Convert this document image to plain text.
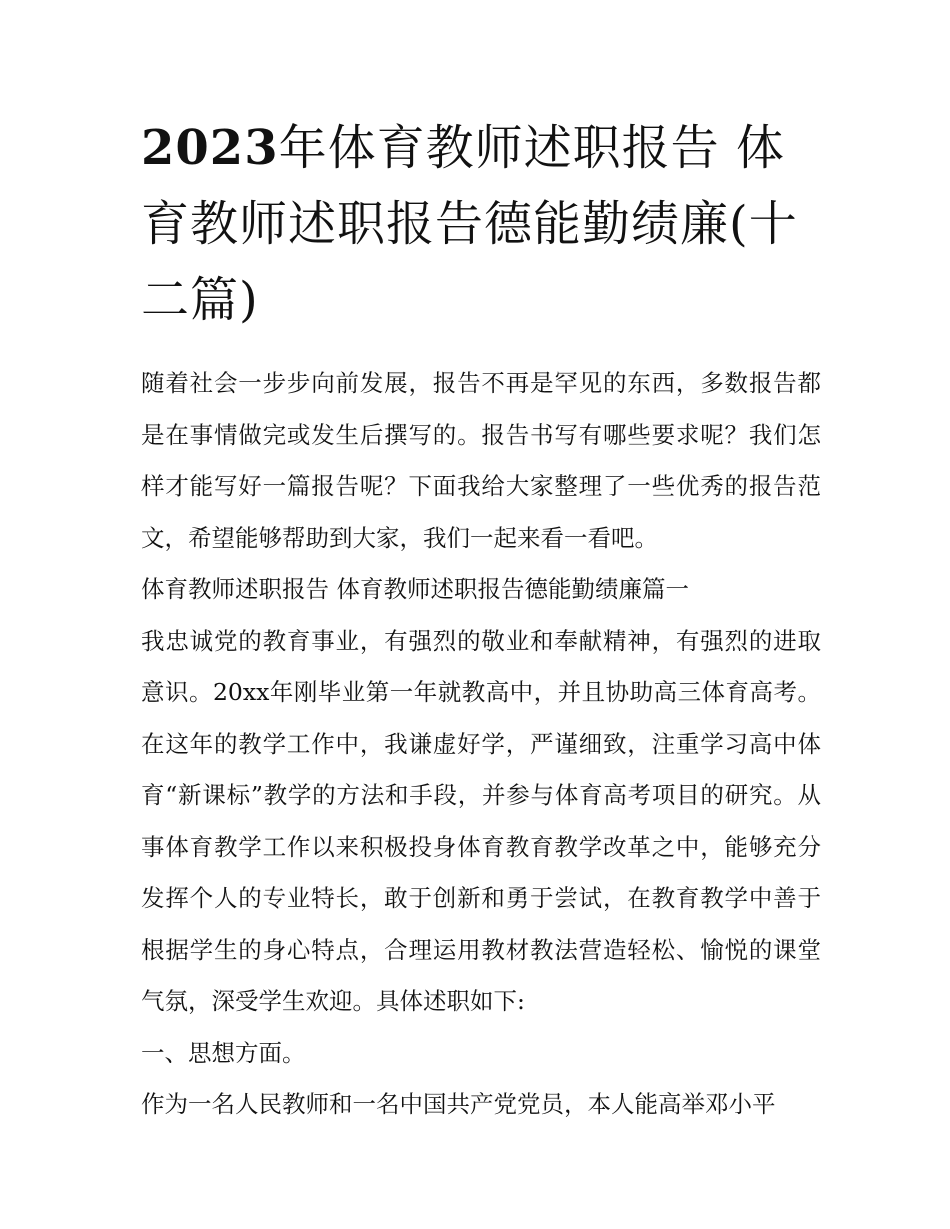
2023年体育教师述职报告 体育教师述职报告德能勤绩廉(十二篇)

随着社会一步步向前发展，报告不再是罕见的东西，多数报告都是在事情做完或发生后撰写的。报告书写有哪些要求呢？我们怎样才能写好一篇报告呢？下面我给大家整理了一些优秀的报告范文，希望能够帮助到大家，我们一起来看一看吧。

体育教师述职报告 体育教师述职报告德能勤绩廉篇一

我忠诚党的教育事业，有强烈的敬业和奉献精神，有强烈的进取意识。20xx年刚毕业第一年就教高中，并且协助高三体育高考。在这年的教学工作中，我谦虚好学，严谨细致，注重学习高中体育“新课标”教学的方法和手段，并参与体育高考项目的研究。从事体育教学工作以来积极投身体育教育教学改革之中，能够充分发挥个人的专业特长，敢于创新和勇于尝试，在教育教学中善于根据学生的身心特点，合理运用教材教法营造轻松、愉悦的课堂气氛，深受学生欢迎。具体述职如下:

一、思想方面。

作为一名人民教师和一名中国共产党党员，本人能高举邓小平
